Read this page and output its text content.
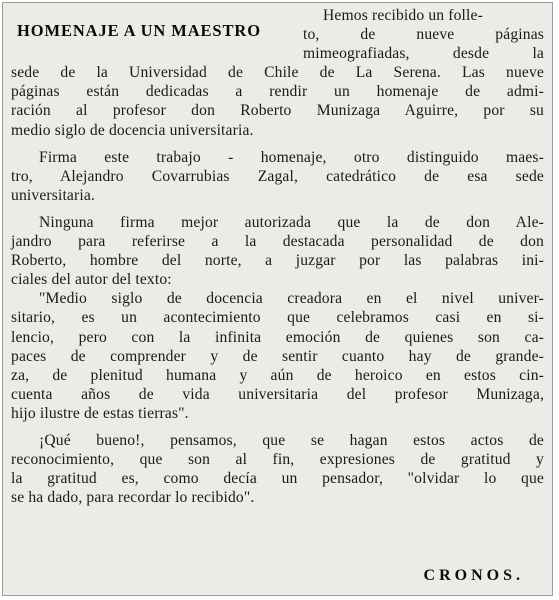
HOMENAJE A UN MAESTRO
Hemos recibido un folle-
to, de nueve páginas
mimeografiadas, desde la
sede de la Universidad de Chile de La Serena. Las nueve
páginas están dedicadas a rendir un homenaje de admi-
ración al profesor don Roberto Munizaga Aguirre, por su
medio siglo de docencia universitaria.
Firma este trabajo - homenaje, otro distinguido maes-
tro, Alejandro Covarrubias Zagal, catedrático de esa sede
universitaria.
Ninguna firma mejor autorizada que la de don Ale-
jandro para referirse a la destacada personalidad de don
Roberto, hombre del norte, a juzgar por las palabras ini-
ciales del autor del texto:
"Medio siglo de docencia creadora en el nivel univer-
sitario, es un acontecimiento que celebramos casi en si-
lencio, pero con la infinita emoción de quienes son ca-
paces de comprender y de sentir cuanto hay de grande-
za, de plenitud humana y aún de heroico en estos cin-
cuenta años de vida universitaria del profesor Munizaga,
hijo ilustre de estas tierras".
¡Qué bueno!, pensamos, que se hagan estos actos de
reconocimiento, que son al fin, expresiones de gratitud y
la gratitud es, como decía un pensador, "olvidar lo que
se ha dado, para recordar lo recibido".
CRONOS.
